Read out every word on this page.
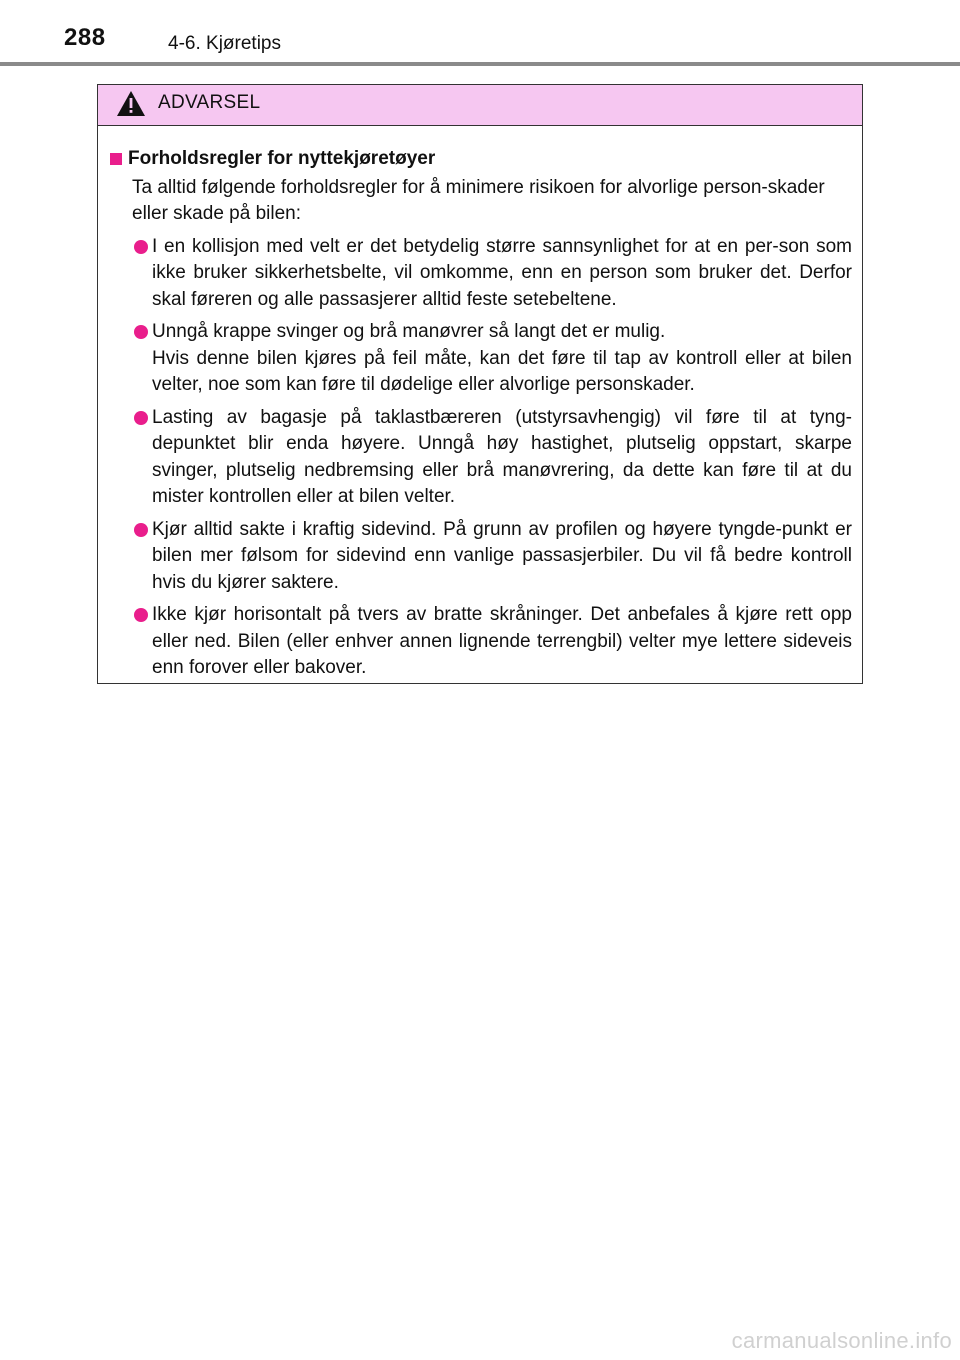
288	4-6. Kjøretips
ADVARSEL
Forholdsregler for nyttekjøretøyer
Ta alltid følgende forholdsregler for å minimere risikoen for alvorlige person-skader eller skade på bilen:
I en kollisjon med velt er det betydelig større sannsynlighet for at en per-son som ikke bruker sikkerhetsbelte, vil omkomme, enn en person som bruker det. Derfor skal føreren og alle passasjerer alltid feste setebeltene.
Unngå krappe svinger og brå manøvrer så langt det er mulig.
Hvis denne bilen kjøres på feil måte, kan det føre til tap av kontroll eller at bilen velter, noe som kan føre til dødelige eller alvorlige personskader.
Lasting av bagasje på taklastbæreren (utstyrsavhengig) vil føre til at tyng-depunktet blir enda høyere. Unngå høy hastighet, plutselig oppstart, skarpe svinger, plutselig nedbremsing eller brå manøvrering, da dette kan føre til at du mister kontrollen eller at bilen velter.
Kjør alltid sakte i kraftig sidevind. På grunn av profilen og høyere tyngde-punkt er bilen mer følsom for sidevind enn vanlige passasjerbiler. Du vil få bedre kontroll hvis du kjører saktere.
Ikke kjør horisontalt på tvers av bratte skråninger. Det anbefales å kjøre rett opp eller ned. Bilen (eller enhver annen lignende terrengbil) velter mye lettere sideveis enn forover eller bakover.
carmanualsonline.info
